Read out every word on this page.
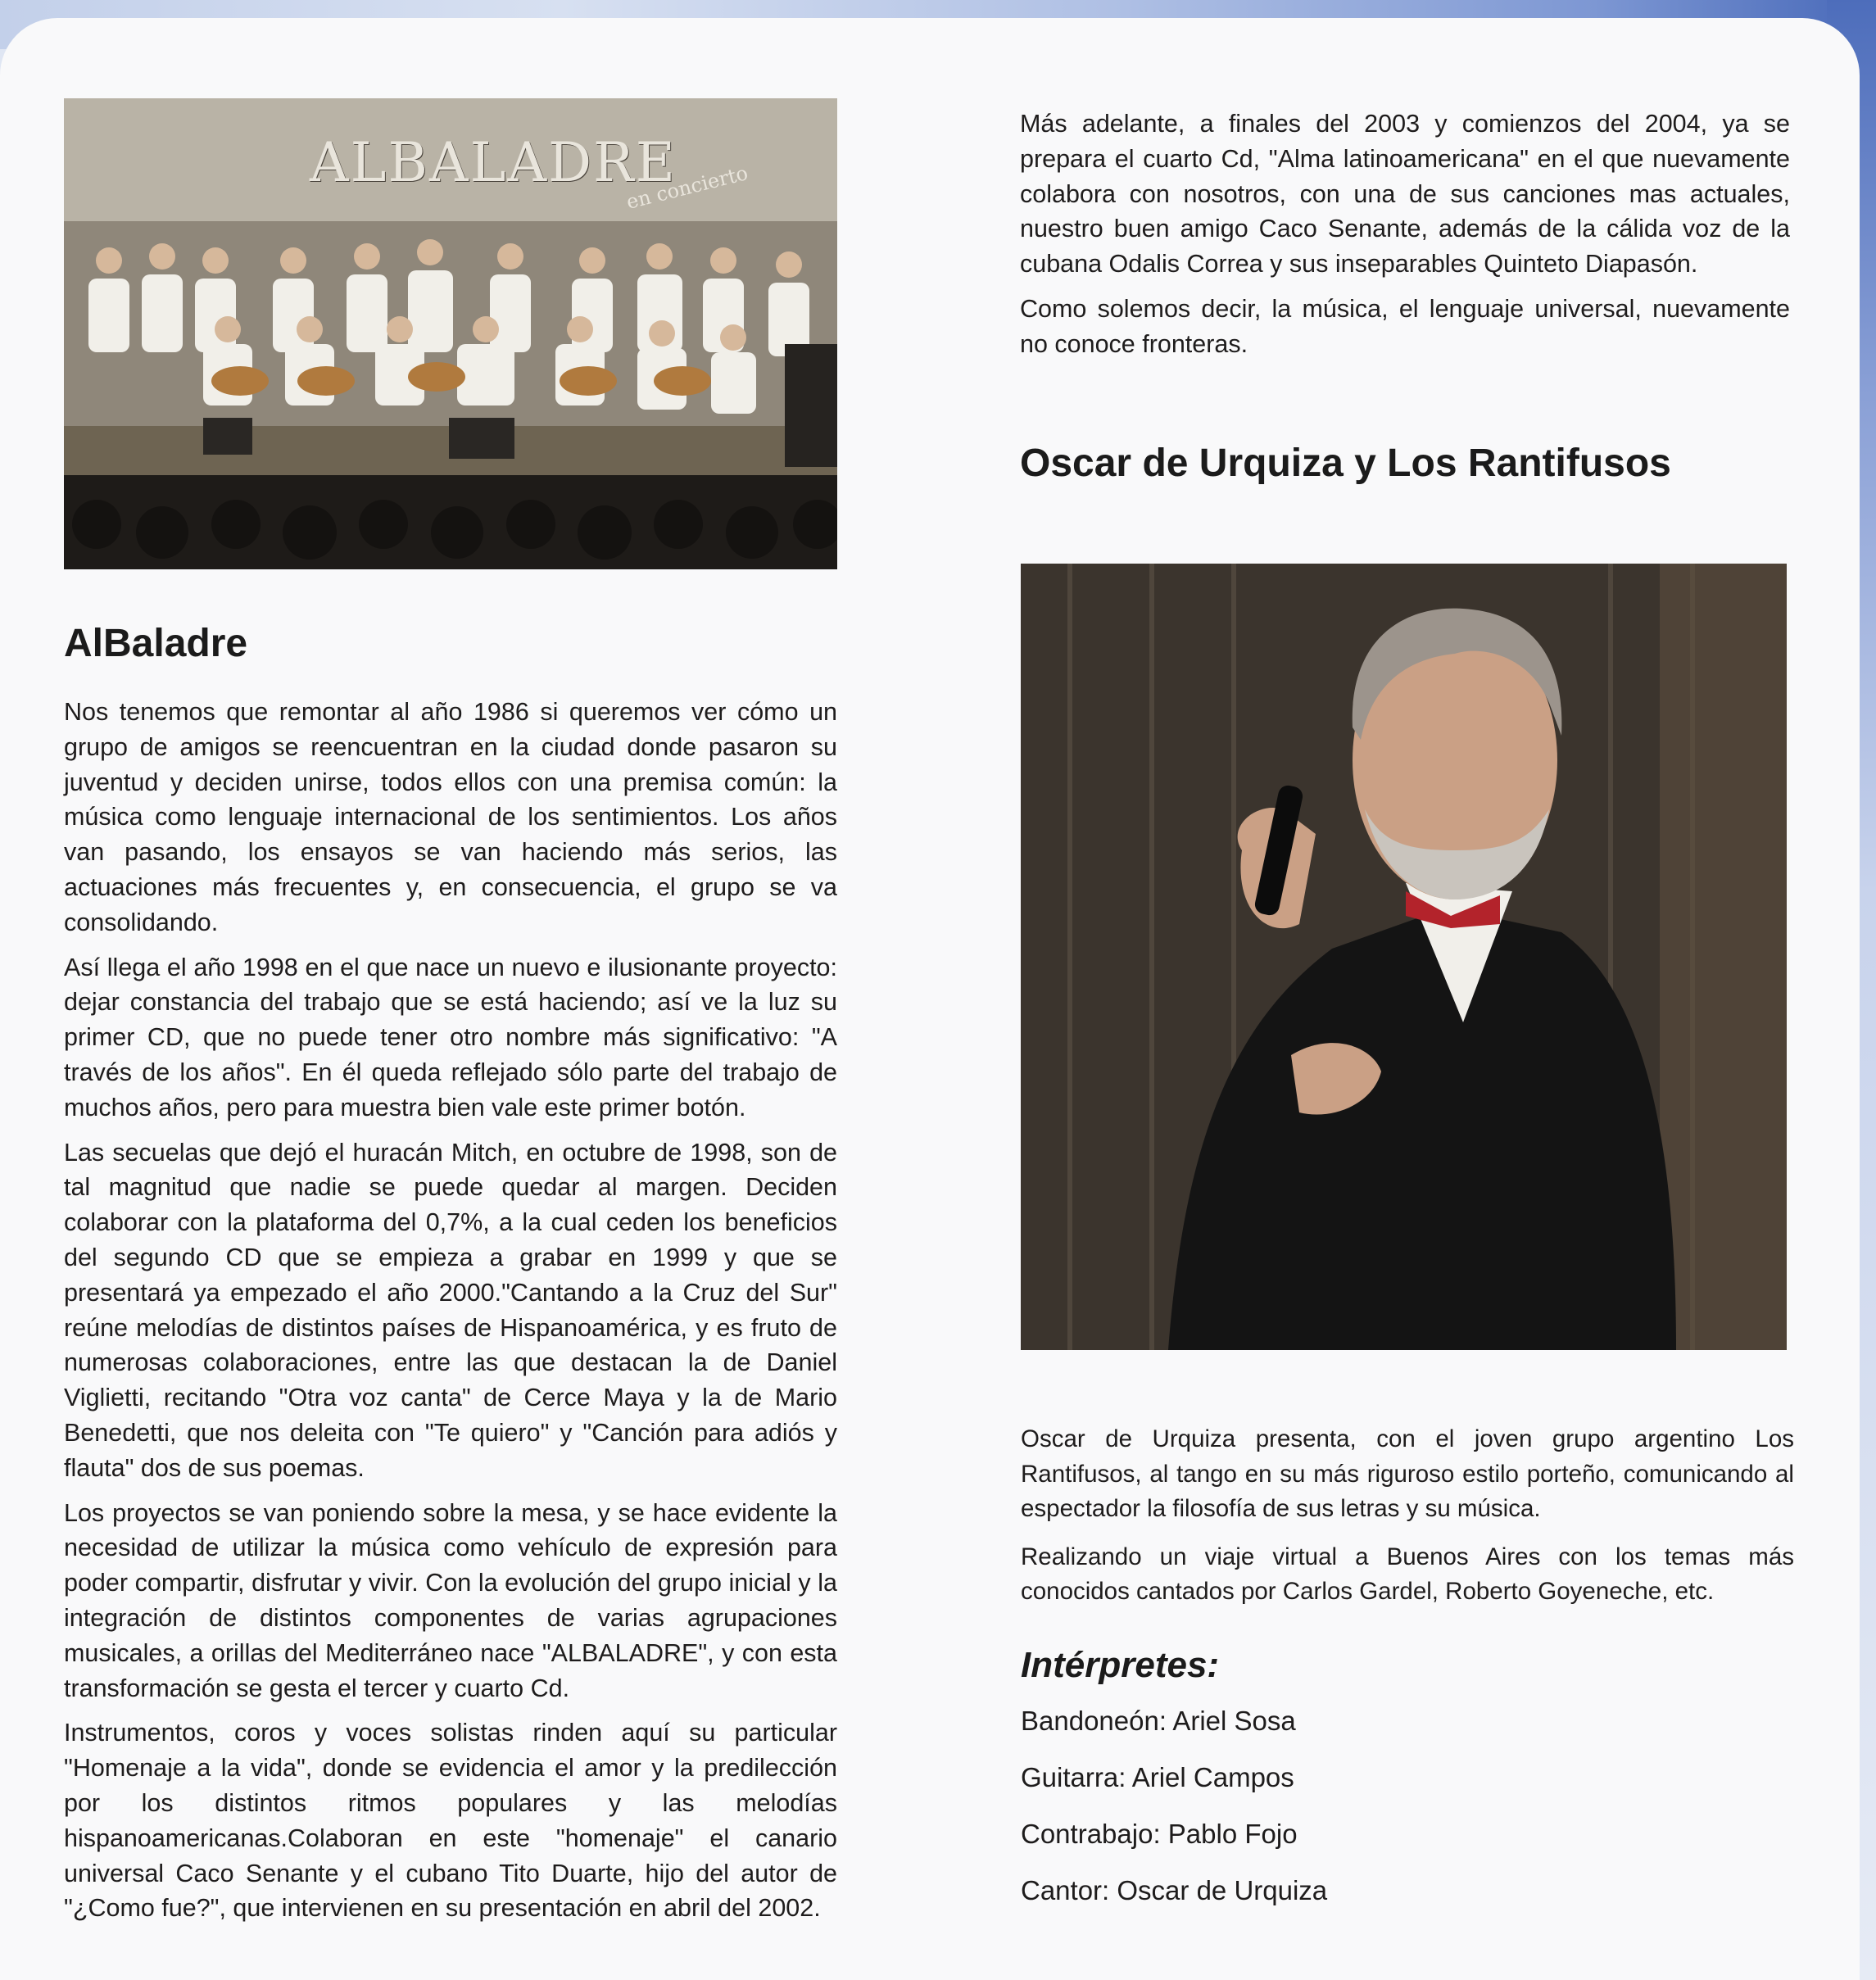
ALBALADRE
en concierto
AlBaladre

Nos tenemos que remontar al año 1986 si queremos ver cómo un grupo de amigos se reencuentran en la ciudad donde pasaron su juventud y deciden unirse, todos ellos con una premisa común: la música como lenguaje internacional de los sentimientos. Los años van pasando, los ensayos se van haciendo más serios, las actuaciones más frecuentes y, en consecuencia, el grupo se va consolidando.

Así llega el año 1998 en el que nace un nuevo e ilusionante proyecto: dejar constancia del trabajo que se está haciendo; así ve la luz su primer CD, que no puede tener otro nombre más significativo: "A través de los años". En él queda reflejado sólo parte del trabajo de muchos años, pero para muestra bien vale este primer botón.

Las secuelas que dejó el huracán Mitch, en octubre de 1998, son de tal magnitud que nadie se puede quedar al margen. Deciden colaborar con la plataforma del 0,7%, a la cual ceden los beneficios del segundo CD que se empieza a grabar en 1999 y que se presentará ya empezado el año 2000."Cantando a la Cruz del Sur" reúne melodías de distintos países de Hispanoamérica, y es fruto de numerosas colaboraciones, entre las que destacan la de Daniel Viglietti, recitando "Otra voz canta" de Cerce Maya y la de Mario Benedetti, que nos deleita con "Te quiero" y "Canción para adiós y flauta" dos de sus poemas.

Los proyectos se van poniendo sobre la mesa, y se hace evidente la necesidad de utilizar la música como vehículo de expresión para poder compartir, disfrutar y vivir. Con la evolución del grupo inicial y la integración de distintos componentes de varias agrupaciones musicales, a orillas del Mediterráneo nace "ALBALADRE", y con esta transformación se gesta el tercer y cuarto Cd.

Instrumentos, coros y voces solistas rinden aquí su particular "Homenaje a la vida", donde se evidencia el amor y la predilección por los distintos ritmos populares y las melodías hispanoamericanas.Colaboran en este "homenaje" el canario universal Caco Senante y el cubano Tito Duarte, hijo del autor de "¿Como fue?", que intervienen en su presentación en abril del 2002.

Más adelante, a finales del 2003 y comienzos del 2004, ya se prepara el cuarto Cd, "Alma latinoamericana" en el que nuevamente colabora con nosotros, con una de sus canciones mas actuales, nuestro buen amigo Caco Senante, además de la cálida voz de la cubana Odalis Correa y sus inseparables Quinteto Diapasón.

Como solemos decir, la música, el lenguaje universal, nuevamente no conoce fronteras.

Oscar de Urquiza y Los Rantifusos

Oscar de Urquiza presenta, con el joven grupo argentino Los Rantifusos, al tango en su más riguroso estilo porteño, comunicando al espectador la filosofía de sus letras y su música.

Realizando un viaje virtual a Buenos Aires con los temas más conocidos cantados por Carlos Gardel, Roberto Goyeneche, etc.

Intérpretes:
Bandoneón: Ariel Sosa
Guitarra: Ariel Campos
Contrabajo: Pablo Fojo
Cantor: Oscar de Urquiza
